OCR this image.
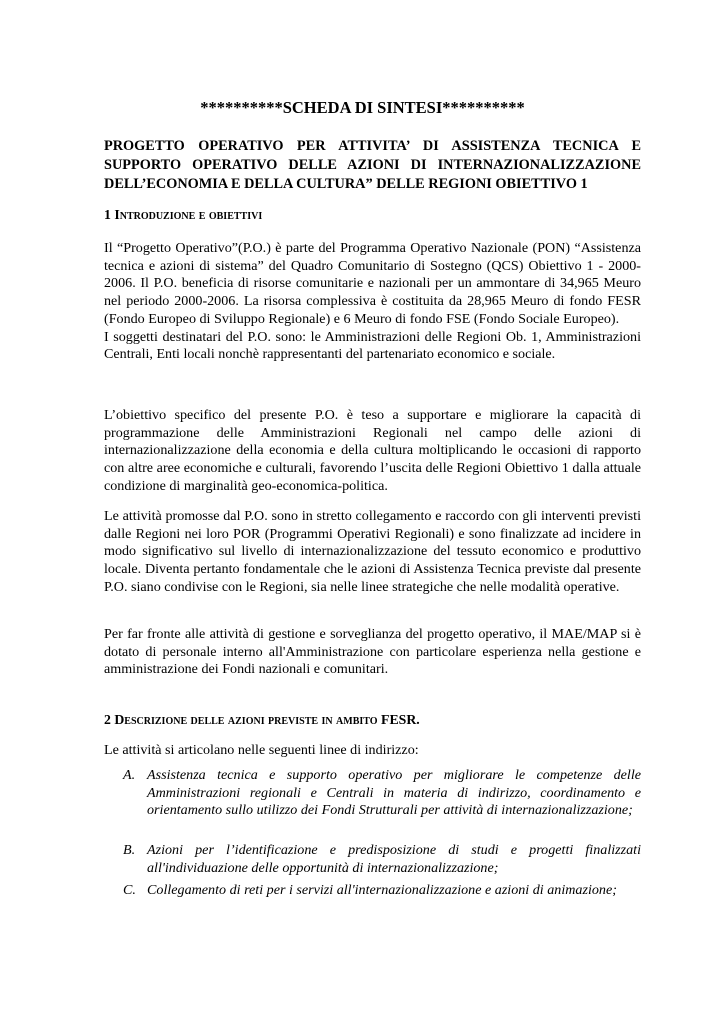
**********SCHEDA DI SINTESI**********
PROGETTO OPERATIVO PER ATTIVITA’ DI ASSISTENZA TECNICA E SUPPORTO OPERATIVO DELLE AZIONI DI INTERNAZIONALIZZAZIONE DELL’ECONOMIA E DELLA CULTURA” DELLE REGIONI OBIETTIVO 1
1 Introduzione e obiettivi

Il “Progetto Operativo”(P.O.) è parte del Programma Operativo Nazionale (PON) “Assistenza tecnica e azioni di sistema” del Quadro Comunitario di Sostegno (QCS) Obiettivo 1 - 2000-2006. Il P.O. beneficia di risorse comunitarie e nazionali per un ammontare di 34,965 Meuro nel periodo 2000-2006. La risorsa complessiva è costituita da 28,965 Meuro di fondo FESR (Fondo Europeo di Sviluppo Regionale) e 6 Meuro di fondo FSE (Fondo Sociale Europeo).

I soggetti destinatari del P.O. sono: le Amministrazioni delle Regioni Ob. 1, Amministrazioni Centrali, Enti locali nonchè rappresentanti del partenariato economico e sociale.

L’obiettivo specifico del presente P.O. è teso a supportare e migliorare la capacità di programmazione delle Amministrazioni Regionali nel campo delle azioni di internazionalizzazione della economia e della cultura moltiplicando le occasioni di rapporto con altre aree economiche e culturali, favorendo l’uscita delle Regioni Obiettivo 1 dalla attuale condizione di marginalità geo-economica-politica.

Le attività promosse dal P.O. sono in stretto collegamento e raccordo con gli interventi previsti dalle Regioni nei loro POR (Programmi Operativi Regionali) e sono finalizzate ad incidere in modo significativo sul livello di internazionalizzazione del tessuto economico e produttivo locale. Diventa pertanto fondamentale che le azioni di Assistenza Tecnica previste dal presente P.O. siano condivise con le Regioni, sia nelle linee strategiche che nelle modalità operative.

Per far fronte alle attività di gestione e sorveglianza del progetto operativo, il MAE/MAP si è dotato di personale interno all'Amministrazione con particolare esperienza nella gestione e amministrazione dei Fondi nazionali e comunitari.

2 Descrizione delle azioni previste in ambito FESR.

Le attività si articolano nelle seguenti linee di indirizzo:

A. Assistenza tecnica e supporto operativo per migliorare le competenze delle Amministrazioni regionali e Centrali in materia di indirizzo, coordinamento e orientamento sullo utilizzo dei Fondi Strutturali per attività di internazionalizzazione;
B. Azioni per l’identificazione e predisposizione di studi e progetti finalizzati all'individuazione delle opportunità di internazionalizzazione;
C. Collegamento di reti per i servizi all'internazionalizzazione e azioni di animazione;
